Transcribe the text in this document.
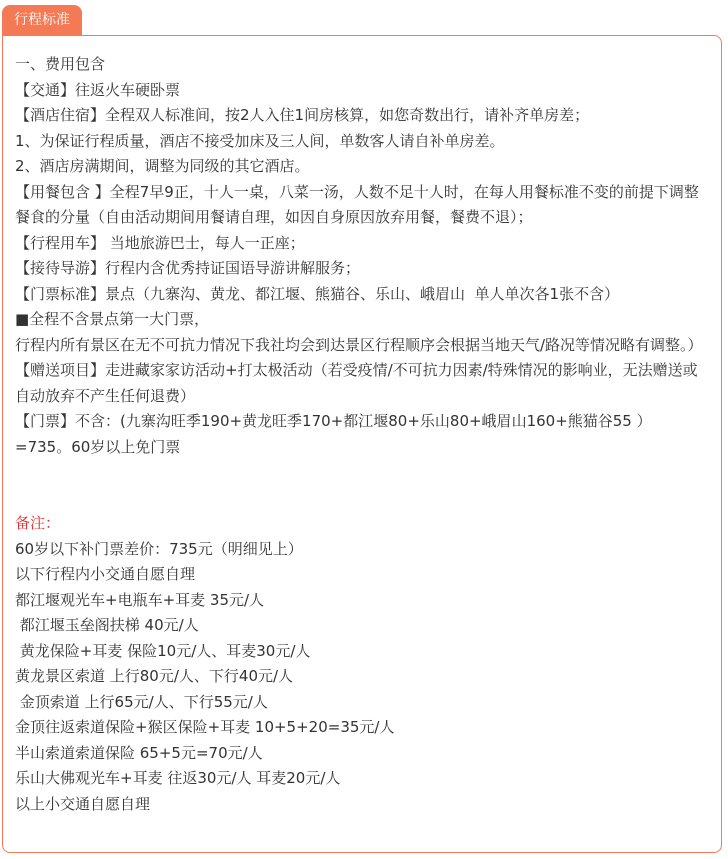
行程标准
一、费用包含
【交通】往返火车硬卧票
【酒店住宿】全程双人标准间，按2人入住1间房核算，如您奇数出行，请补齐单房差；
1、为保证行程质量，酒店不接受加床及三人间，单数客人请自补单房差。
2、酒店房满期间，调整为同级的其它酒店。
【用餐包含 】全程7早9正，十人一桌，八菜一汤，人数不足十人时，在每人用餐标准不变的前提下调整餐食的分量（自由活动期间用餐请自理，如因自身原因放弃用餐，餐费不退）；
【行程用车】 当地旅游巴士，每人一正座；
【接待导游】行程内含优秀持证国语导游讲解服务；
【门票标准】景点（九寨沟、黄龙、都江堰、熊猫谷、乐山、峨眉山  单人单次各1张不含）
■全程不含景点第一大门票，
行程内所有景区在无不可抗力情况下我社均会到达景区行程顺序会根据当地天气/路况等情况略有调整。）
【赠送项目】走进藏家家访活动+打太极活动（若受疫情/不可抗力因素/特殊情况的影响业，无法赠送或自动放弃不产生任何退费）
【门票】不含：(九寨沟旺季190+黄龙旺季170+都江堰80+乐山80+峨眉山160+熊猫谷55 ）
=735。60岁以上免门票
备注：
60岁以下补门票差价：735元（明细见上）
以下行程内小交通自愿自理
都江堰观光车+电瓶车+耳麦 35元/人
都江堰玉垒阁扶梯 40元/人
黄龙保险+耳麦 保险10元/人、耳麦30元/人
黄龙景区索道 上行80元/人、下行40元/人
金顶索道 上行65元/人、下行55元/人
金顶往返索道保险+猴区保险+耳麦 10+5+20=35元/人
半山索道索道保险 65+5元=70元/人
乐山大佛观光车+耳麦 往返30元/人 耳麦20元/人
以上小交通自愿自理
